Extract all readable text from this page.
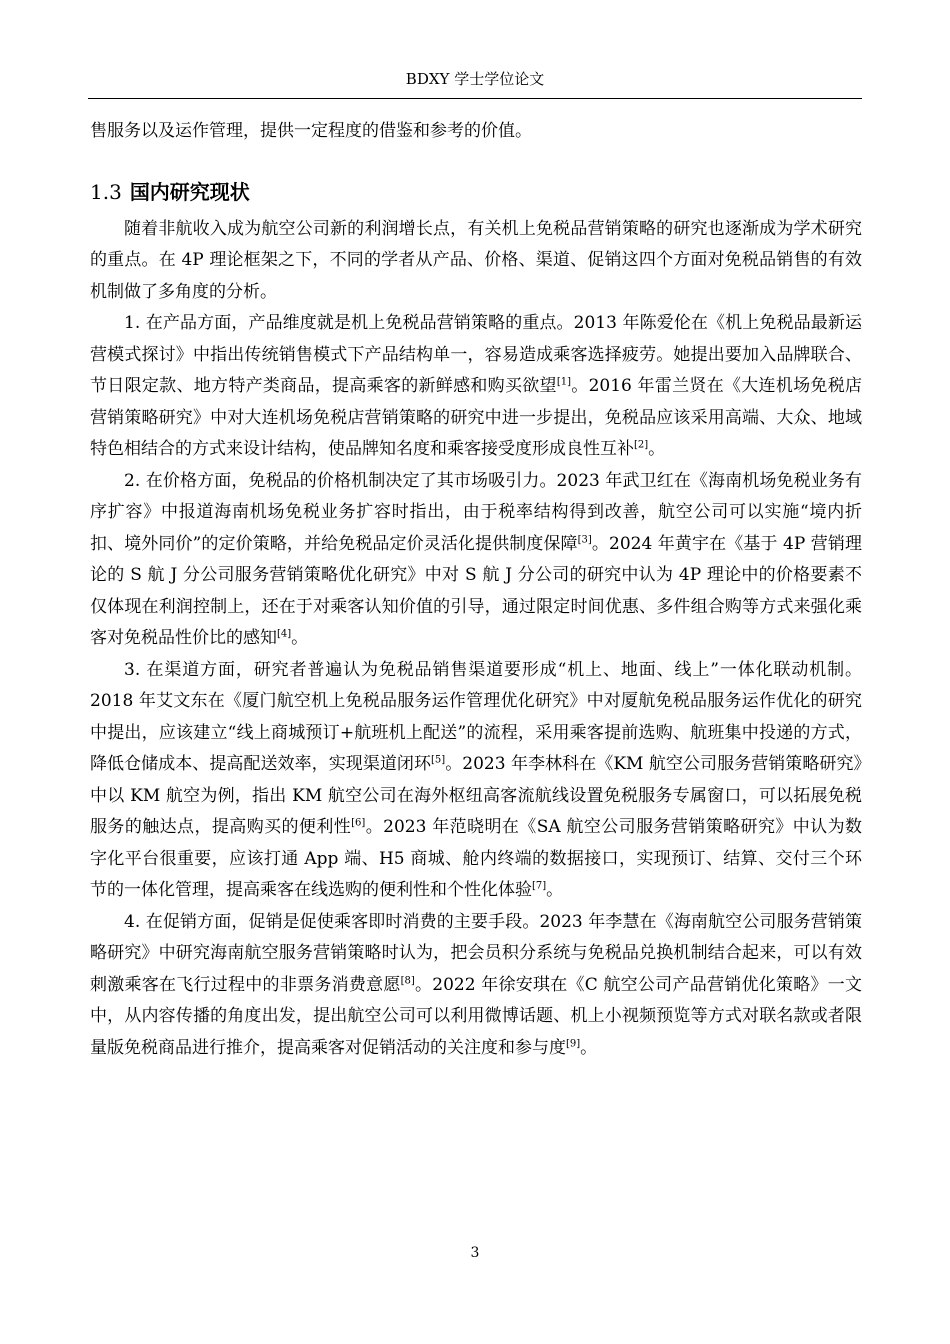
BDXY 学士学位论文

售服务以及运作管理，提供一定程度的借鉴和参考的价值。

1.3 国内研究现状

随着非航收入成为航空公司新的利润增长点，有关机上免税品营销策略的研究也逐渐成为学术研究的重点。在 4P 理论框架之下，不同的学者从产品、价格、渠道、促销这四个方面对免税品销售的有效机制做了多角度的分析。

1. 在产品方面，产品维度就是机上免税品营销策略的重点。2013 年陈爱伦在《机上免税品最新运营模式探讨》中指出传统销售模式下产品结构单一，容易造成乘客选择疲劳。她提出要加入品牌联合、节日限定款、地方特产类商品，提高乘客的新鲜感和购买欲望[1]。2016 年雷兰贤在《大连机场免税店营销策略研究》中对大连机场免税店营销策略的研究中进一步提出，免税品应该采用高端、大众、地域特色相结合的方式来设计结构，使品牌知名度和乘客接受度形成良性互补[2]。

2. 在价格方面，免税品的价格机制决定了其市场吸引力。2023 年武卫红在《海南机场免税业务有序扩容》中报道海南机场免税业务扩容时指出，由于税率结构得到改善，航空公司可以实施“境内折扣、境外同价”的定价策略，并给免税品定价灵活化提供制度保障[3]。2024 年黄宇在《基于 4P 营销理论的 S 航 J 分公司服务营销策略优化研究》中对 S 航 J 分公司的研究中认为 4P 理论中的价格要素不仅体现在利润控制上，还在于对乘客认知价值的引导，通过限定时间优惠、多件组合购等方式来强化乘客对免税品性价比的感知[4]。

3. 在渠道方面，研究者普遍认为免税品销售渠道要形成“机上、地面、线上”一体化联动机制。2018 年艾文东在《厦门航空机上免税品服务运作管理优化研究》中对厦航免税品服务运作优化的研究中提出，应该建立“线上商城预订+航班机上配送”的流程，采用乘客提前选购、航班集中投递的方式，降低仓储成本、提高配送效率，实现渠道闭环[5]。2023 年李林科在《KM 航空公司服务营销策略研究》中以 KM 航空为例，指出 KM 航空公司在海外枢纽高客流航线设置免税服务专属窗口，可以拓展免税服务的触达点，提高购买的便利性[6]。2023 年范晓明在《SA 航空公司服务营销策略研究》中认为数字化平台很重要，应该打通 App 端、H5 商城、舱内终端的数据接口，实现预订、结算、交付三个环节的一体化管理，提高乘客在线选购的便利性和个性化体验[7]。

4. 在促销方面，促销是促使乘客即时消费的主要手段。2023 年李慧在《海南航空公司服务营销策略研究》中研究海南航空服务营销策略时认为，把会员积分系统与免税品兑换机制结合起来，可以有效刺激乘客在飞行过程中的非票务消费意愿[8]。2022 年徐安琪在《C 航空公司产品营销优化策略》一文中，从内容传播的角度出发，提出航空公司可以利用微博话题、机上小视频预览等方式对联名款或者限量版免税商品进行推介，提高乘客对促销活动的关注度和参与度[9]。

3
